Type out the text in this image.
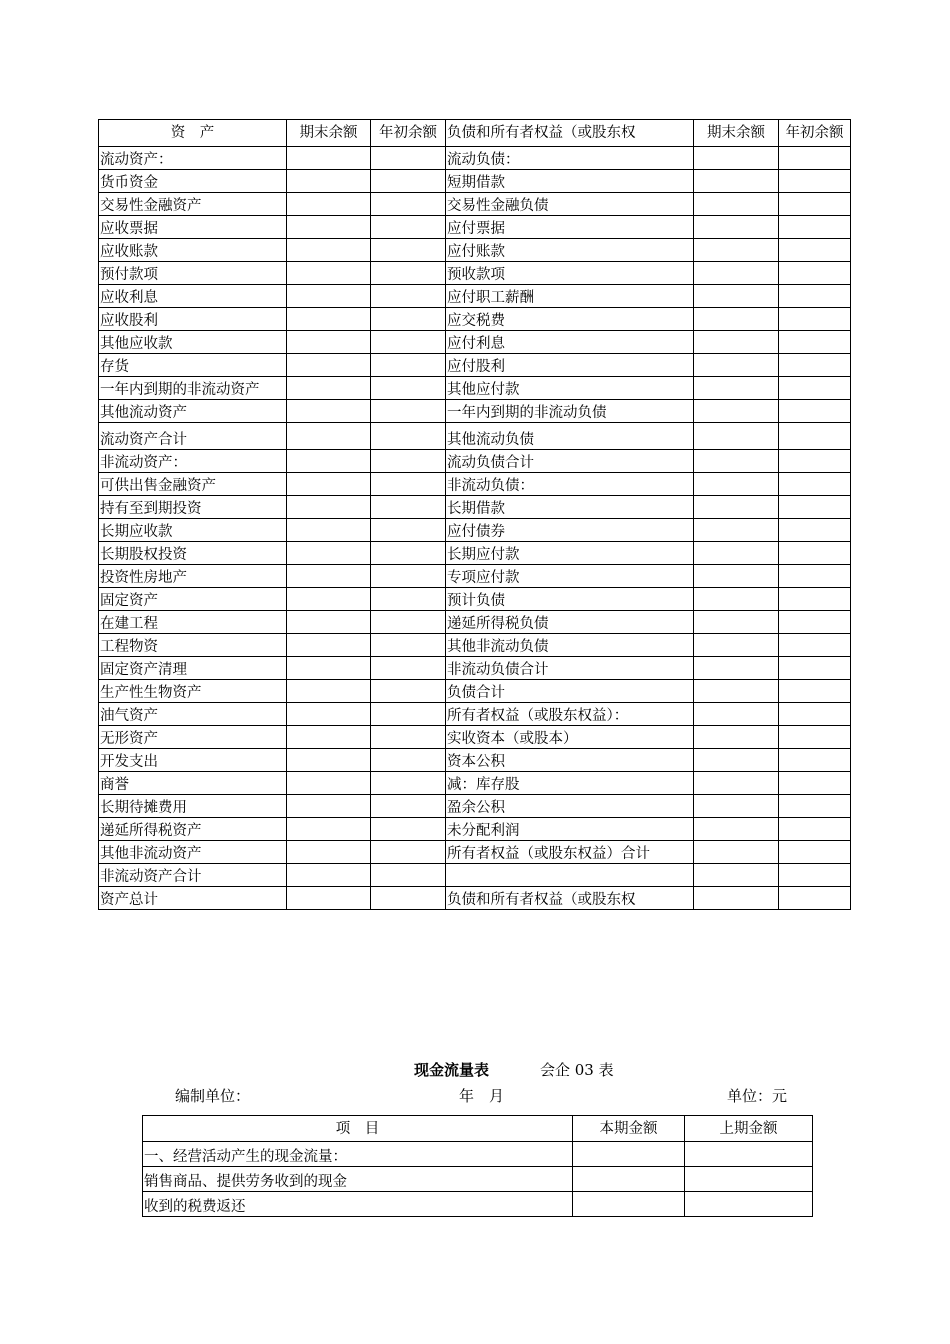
资　产	期末余额	年初余额	负债和所有者权益（或股东权	期末余额	年初余额
流动资产：			流动负债：		
货币资金			短期借款		
交易性金融资产			交易性金融负债		
应收票据			应付票据		
应收账款			应付账款		
预付款项			预收款项		
应收利息			应付职工薪酬		
应收股利			应交税费		
其他应收款			应付利息		
存货			应付股利		
一年内到期的非流动资产			其他应付款		
其他流动资产			一年内到期的非流动负债		
流动资产合计			其他流动负债		
非流动资产：			流动负债合计		
可供出售金融资产			非流动负债：		
持有至到期投资			长期借款		
长期应收款			应付债券		
长期股权投资			长期应付款		
投资性房地产			专项应付款		
固定资产			预计负债		
在建工程			递延所得税负债		
工程物资			其他非流动负债		
固定资产清理			非流动负债合计		
生产性生物资产			负债合计		
油气资产			所有者权益（或股东权益）：		
无形资产			实收资本（或股本）		
开发支出			资本公积		
商誉			减：库存股		
长期待摊费用			盈余公积		
递延所得税资产			未分配利润		
其他非流动资产			所有者权益（或股东权益）合计		
非流动资产合计					
资产总计			负债和所有者权益（或股东权		
现金流量表	会企 03 表
编制单位：	年　月	单位：元
项　目	本期金额	上期金额
一、经营活动产生的现金流量：		
销售商品、提供劳务收到的现金		
收到的税费返还		
